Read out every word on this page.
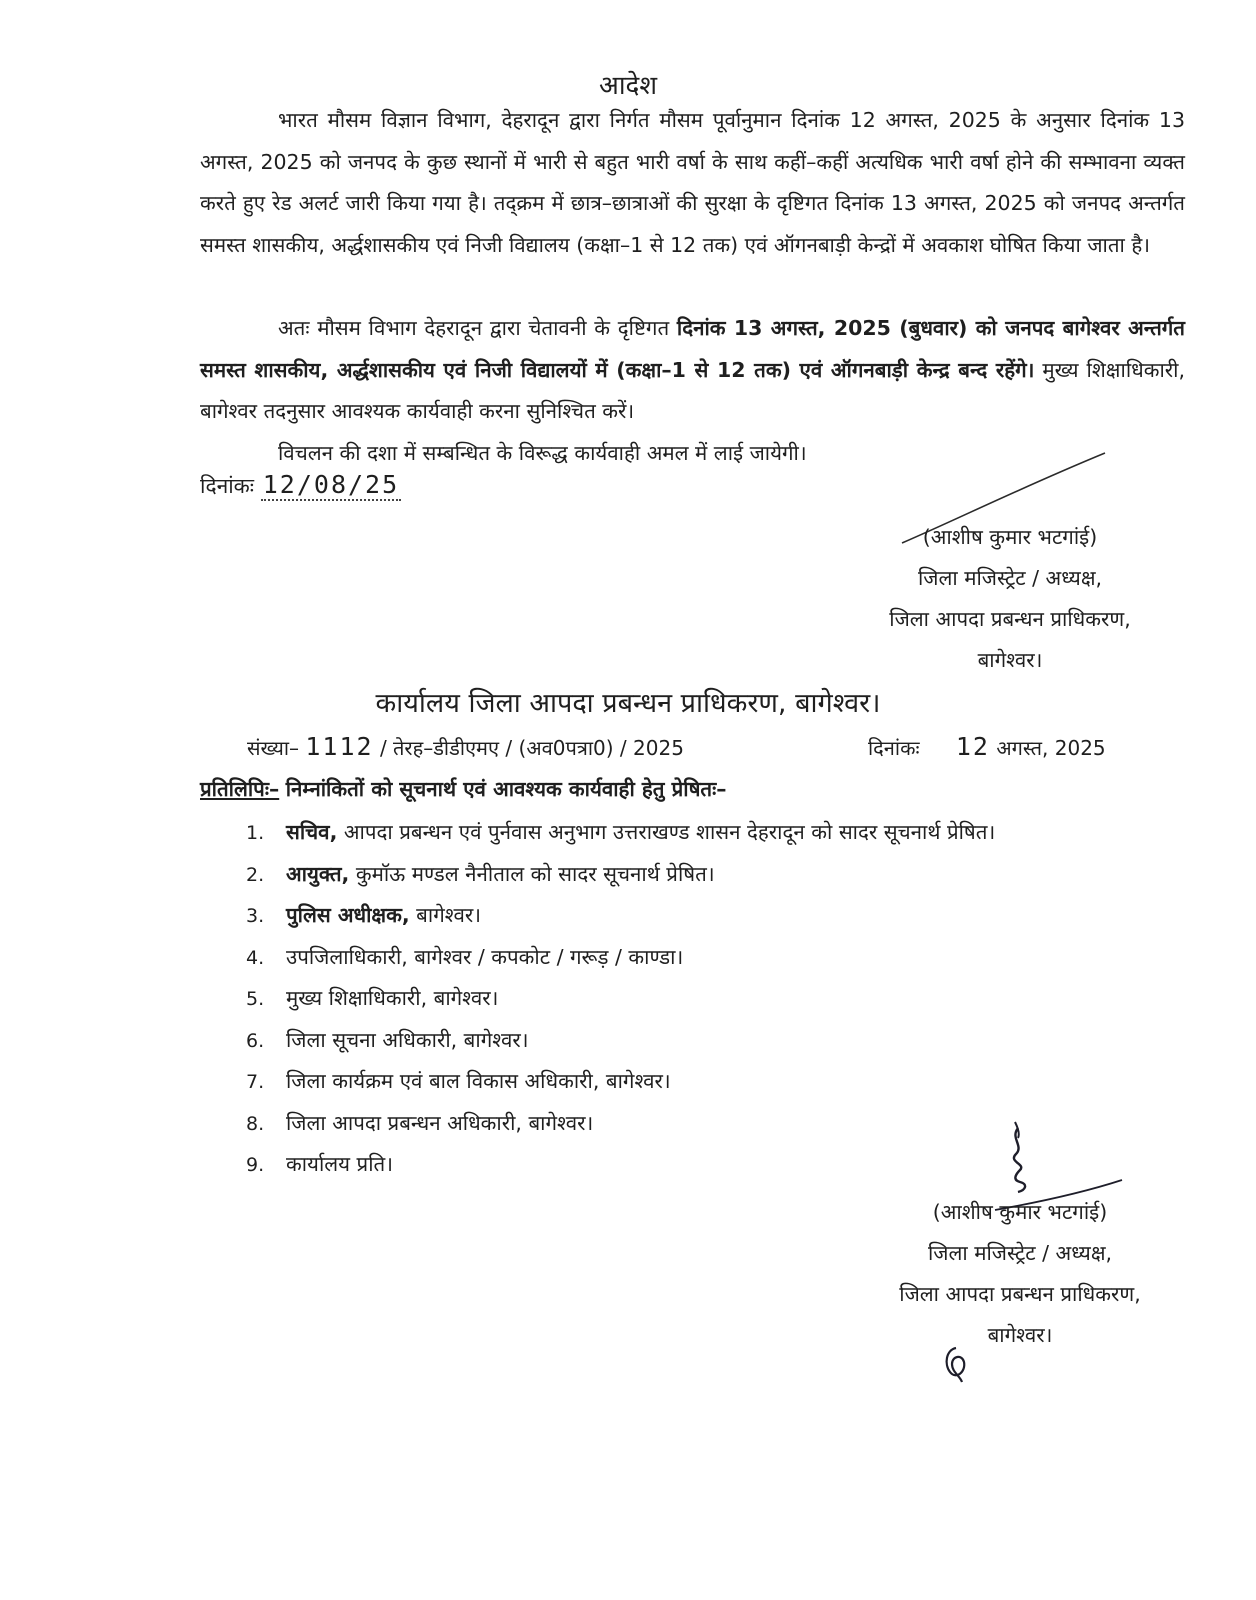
आदेश

भारत मौसम विज्ञान विभाग, देहरादून द्वारा निर्गत मौसम पूर्वानुमान दिनांक 12 अगस्त, 2025 के अनुसार दिनांक 13 अगस्त, 2025 को जनपद के कुछ स्थानों में भारी से बहुत भारी वर्षा के साथ कहीं–कहीं अत्यधिक भारी वर्षा होने की सम्भावना व्यक्त करते हुए रेड अलर्ट जारी किया गया है। तद्क्रम में छात्र–छात्राओं की सुरक्षा के दृष्टिगत दिनांक 13 अगस्त, 2025 को जनपद अन्तर्गत समस्त शासकीय, अर्द्धशासकीय एवं निजी विद्यालय (कक्षा–1 से 12 तक) एवं ऑगनबाड़ी केन्द्रों में अवकाश घोषित किया जाता है।

अतः मौसम विभाग देहरादून द्वारा चेतावनी के दृष्टिगत दिनांक 13 अगस्त, 2025 (बुधवार) को जनपद बागेश्वर अन्तर्गत समस्त शासकीय, अर्द्धशासकीय एवं निजी विद्यालयों में (कक्षा–1 से 12 तक) एवं ऑगनबाड़ी केन्द्र बन्द रहेंगे। मुख्य शिक्षाधिकारी, बागेश्वर तदनुसार आवश्यक कार्यवाही करना सुनिश्चित करें।

विचलन की दशा में सम्बन्धित के विरूद्ध कार्यवाही अमल में लाई जायेगी।

दिनांकः 12/08/25
(आशीष कुमार भटगांई)
जिला मजिस्ट्रेट / अध्यक्ष,
जिला आपदा प्रबन्धन प्राधिकरण,
बागेश्वर।
कार्यालय जिला आपदा प्रबन्धन प्राधिकरण, बागेश्वर।
संख्या– 1112 / तेरह–डीडीएमए / (अव0पत्रा0) / 2025	दिनांकः 12 अगस्त, 2025
प्रतिलिपिः– निम्नांकितों को सूचनार्थ एवं आवश्यक कार्यवाही हेतु प्रेषितः–
1. सचिव, आपदा प्रबन्धन एवं पुर्नवास अनुभाग उत्तराखण्ड शासन देहरादून को सादर सूचनार्थ प्रेषित।
2. आयुक्त, कुमॉऊ मण्डल नैनीताल को सादर सूचनार्थ प्रेषित।
3. पुलिस अधीक्षक, बागेश्वर।
4. उपजिलाधिकारी, बागेश्वर / कपकोट / गरूड़ / काण्डा।
5. मुख्य शिक्षाधिकारी, बागेश्वर।
6. जिला सूचना अधिकारी, बागेश्वर।
7. जिला कार्यक्रम एवं बाल विकास अधिकारी, बागेश्वर।
8. जिला आपदा प्रबन्धन अधिकारी, बागेश्वर।
9. कार्यालय प्रति।
(आशीष कुमार भटगांई)
जिला मजिस्ट्रेट / अध्यक्ष,
जिला आपदा प्रबन्धन प्राधिकरण,
बागेश्वर।
